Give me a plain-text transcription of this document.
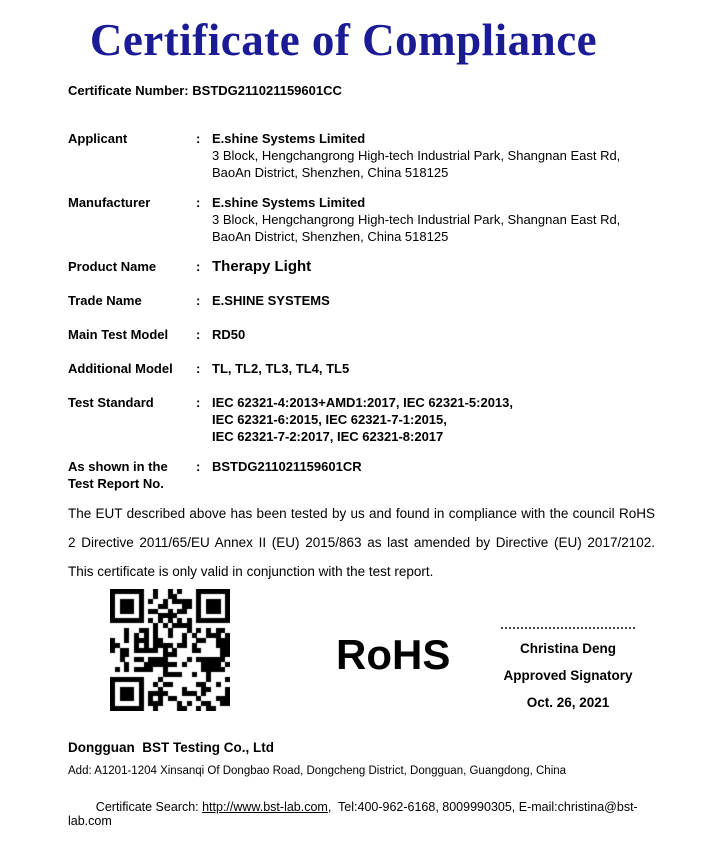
Certificate of Compliance
Certificate Number: BSTDG211021159601CC
Applicant	: E.shine Systems Limited
3 Block, Hengchangrong High-tech Industrial Park, Shangnan East Rd,
BaoAn District, Shenzhen, China 518125
Manufacturer	: E.shine Systems Limited
3 Block, Hengchangrong High-tech Industrial Park, Shangnan East Rd,
BaoAn District, Shenzhen, China 518125
Product Name	: Therapy Light
Trade Name	: E.SHINE SYSTEMS
Main Test Model	: RD50
Additional Model	: TL, TL2, TL3, TL4, TL5
Test Standard	: IEC 62321-4:2013+AMD1:2017, IEC 62321-5:2013,
IEC 62321-6:2015, IEC 62321-7-1:2015,
IEC 62321-7-2:2017, IEC 62321-8:2017
As shown in the
Test Report No.
: BSTDG211021159601CR
The EUT described above has been tested by us and found in compliance with the council RoHS 2 Directive 2011/65/EU Annex II (EU) 2015/863 as last amended by Directive (EU) 2017/2102. This certificate is only valid in conjunction with the test report.
RoHS	Christina Deng
Approved Signatory
Oct. 26, 2021
Dongguan  BST Testing Co., Ltd
Add: A1201-1204 Xinsanqi Of Dongbao Road, Dongcheng District, Dongguan, Guangdong, China

Certificate Search: http://www.bst-lab.com,  Tel:400-962-6168, 8009990305, E-mail:christina@bst-lab.com
